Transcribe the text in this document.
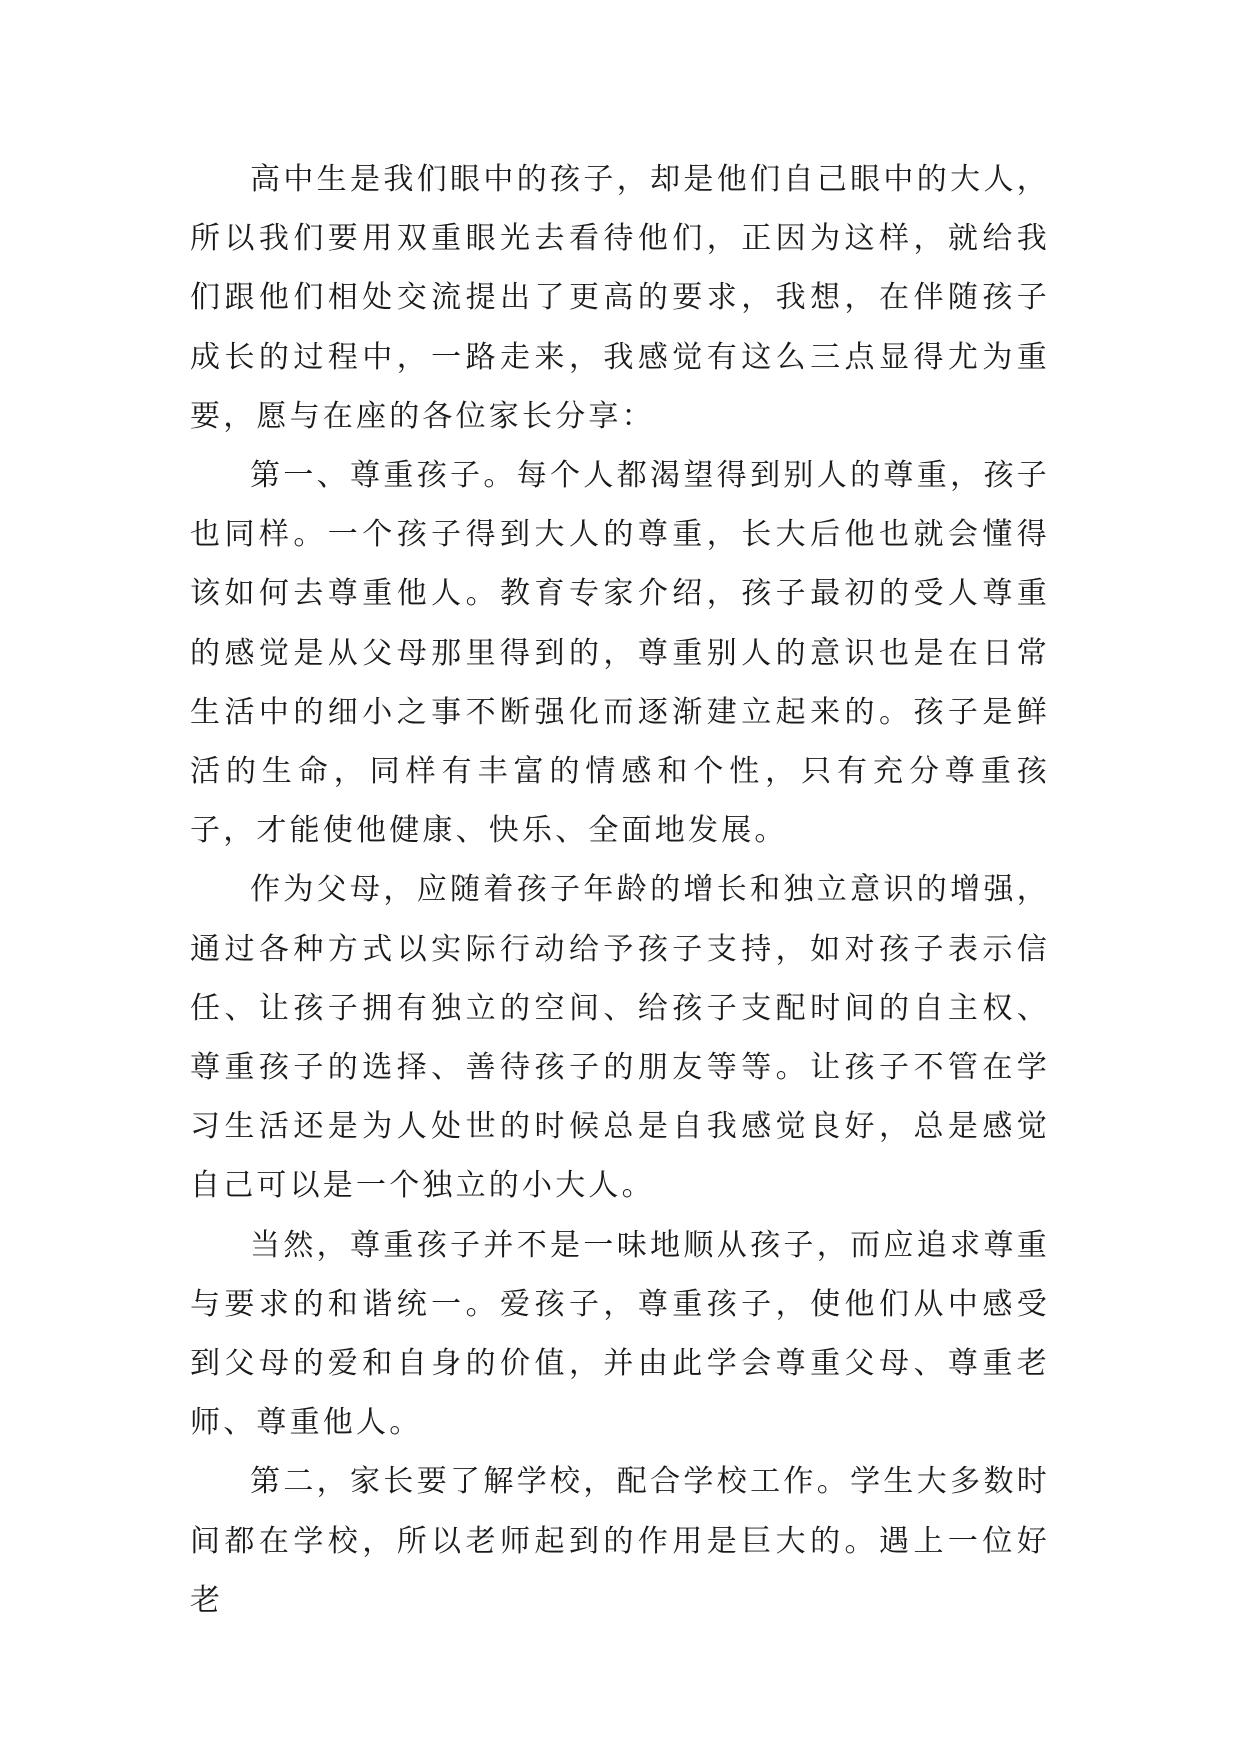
高中生是我们眼中的孩子，却是他们自己眼中的大人，所以我们要用双重眼光去看待他们，正因为这样，就给我们跟他们相处交流提出了更高的要求，我想，在伴随孩子成长的过程中，一路走来，我感觉有这么三点显得尤为重要，愿与在座的各位家长分享：

第一、尊重孩子。每个人都渴望得到别人的尊重，孩子也同样。一个孩子得到大人的尊重，长大后他也就会懂得该如何去尊重他人。教育专家介绍，孩子最初的受人尊重的感觉是从父母那里得到的，尊重别人的意识也是在日常生活中的细小之事不断强化而逐渐建立起来的。孩子是鲜活的生命，同样有丰富的情感和个性，只有充分尊重孩子，才能使他健康、快乐、全面地发展。

作为父母，应随着孩子年龄的增长和独立意识的增强，通过各种方式以实际行动给予孩子支持，如对孩子表示信任、让孩子拥有独立的空间、给孩子支配时间的自主权、尊重孩子的选择、善待孩子的朋友等等。让孩子不管在学习生活还是为人处世的时候总是自我感觉良好，总是感觉自己可以是一个独立的小大人。

当然，尊重孩子并不是一味地顺从孩子，而应追求尊重与要求的和谐统一。爱孩子，尊重孩子，使他们从中感受到父母的爱和自身的价值，并由此学会尊重父母、尊重老师、尊重他人。

第二，家长要了解学校，配合学校工作。学生大多数时间都在学校，所以老师起到的作用是巨大的。遇上一位好老
